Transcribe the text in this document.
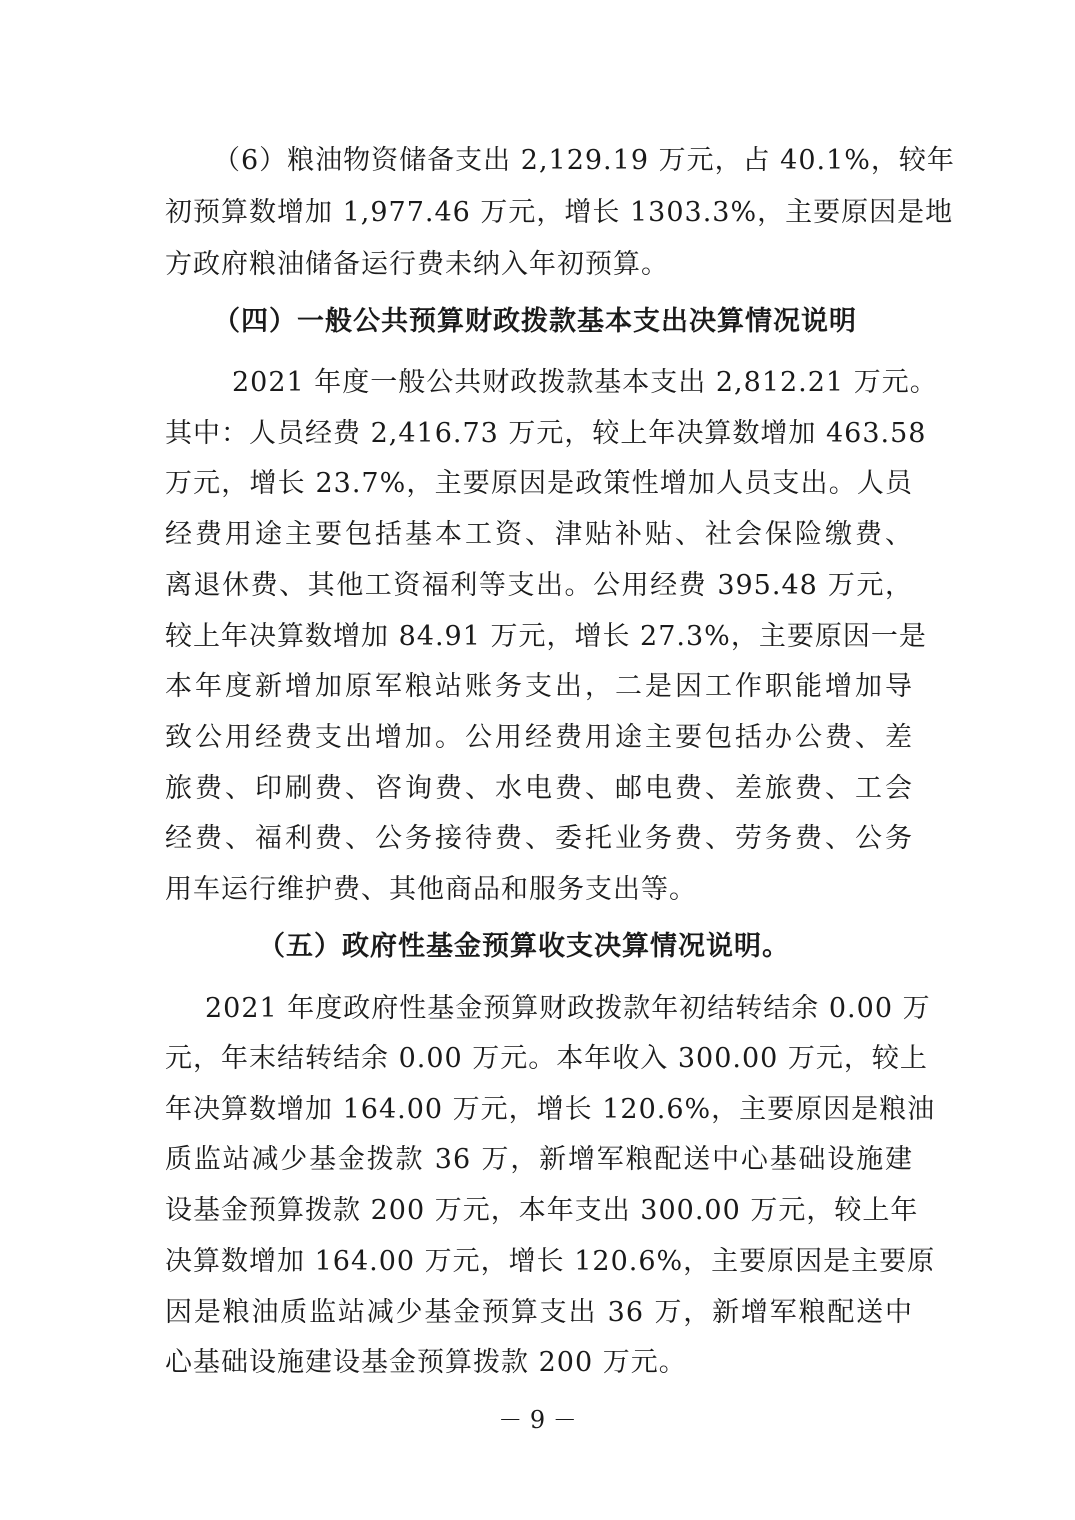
（6）粮油物资储备支出 2,129.19 万元，占 40.1%，较年
初预算数增加 1,977.46 万元，增长 1303.3%，主要原因是地
方政府粮油储备运行费未纳入年初预算。
（四）一般公共预算财政拨款基本支出决算情况说明
2021 年度一般公共财政拨款基本支出 2,812.21 万元。
其中：人员经费 2,416.73 万元，较上年决算数增加 463.58
万元，增长 23.7%，主要原因是政策性增加人员支出。人员
经费用途主要包括基本工资、津贴补贴、社会保险缴费、
离退休费、其他工资福利等支出。公用经费 395.48 万元，
较上年决算数增加 84.91 万元，增长 27.3%，主要原因一是
本年度新增加原军粮站账务支出，二是因工作职能增加导
致公用经费支出增加。公用经费用途主要包括办公费、差
旅费、印刷费、咨询费、水电费、邮电费、差旅费、工会
经费、福利费、公务接待费、委托业务费、劳务费、公务
用车运行维护费、其他商品和服务支出等。
（五）政府性基金预算收支决算情况说明。
2021 年度政府性基金预算财政拨款年初结转结余 0.00 万
元，年末结转结余 0.00 万元。本年收入 300.00 万元，较上
年决算数增加 164.00 万元，增长 120.6%，主要原因是粮油
质监站减少基金拨款 36 万，新增军粮配送中心基础设施建
设基金预算拨款 200 万元，本年支出 300.00 万元，较上年
决算数增加 164.00 万元，增长 120.6%，主要原因是主要原
因是粮油质监站减少基金预算支出 36 万，新增军粮配送中
心基础设施建设基金预算拨款 200 万元。
－ 9 －
